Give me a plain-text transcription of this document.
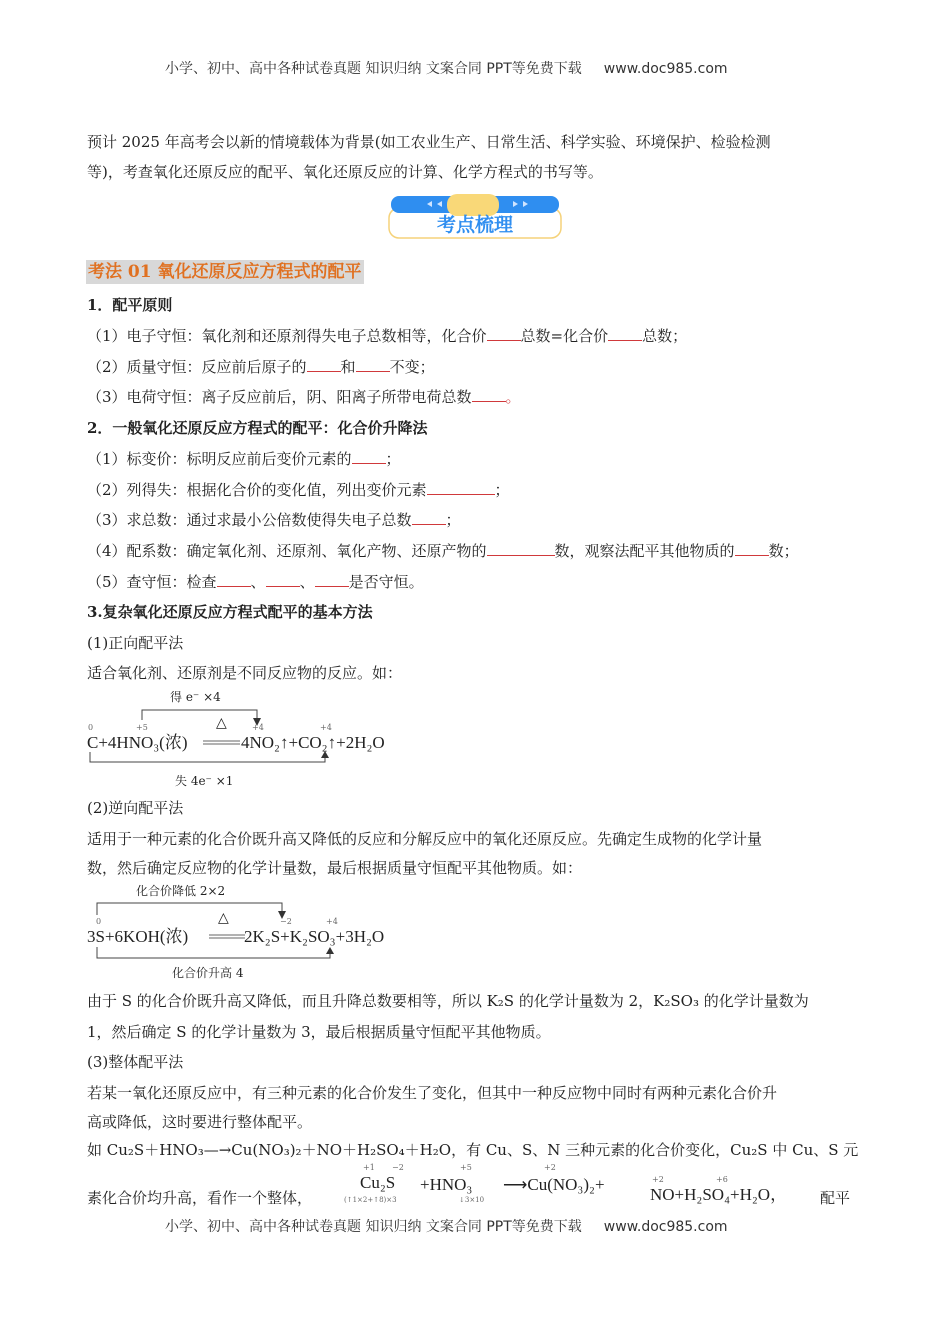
小学、初中、高中各种试卷真题 知识归纳 文案合同 PPT等免费下载 www.doc985.com
预计 2025 年高考会以新的情境载体为背景(如工农业生产、日常生活、科学实验、环境保护、检验检测
等)，考查氧化还原反应的配平、氧化还原反应的计算、化学方程式的书写等。
考点梳理
考法 01 氧化还原反应方程式的配平
1．配平原则
（1）电子守恒：氧化剂和还原剂得失电子总数相等，化合价 总数=化合价 总数；
（2）质量守恒：反应前后原子的 和 不变；
（3）电荷守恒：离子反应前后，阴、阳离子所带电荷总数 。
2．一般氧化还原反应方程式的配平：化合价升降法
（1）标变价：标明反应前后变价元素的 ；
（2）列得失：根据化合价的变化值，列出变价元素	；
（3）求总数：通过求最小公倍数使得失电子总数 ；
（4）配系数：确定氧化剂、还原剂、氧化产物、还原产物的	数，观察法配平其他物质的 数；
（5）查守恒：检查 、 、 是否守恒。
3.复杂氧化还原反应方程式配平的基本方法
(1)正向配平法
适合氧化剂、还原剂是不同反应物的反应。如：
得 e⁻ ×4
失 4e⁻ ×1
0	+5	+4	+4
C+4HNO₃(浓)
△
4NO₂↑+CO₂↑+2H₂O
(2)逆向配平法
适用于一种元素的化合价既升高又降低的反应和分解反应中的氧化还原反应。先确定生成物的化学计量
数，然后确定反应物的化学计量数，最后根据质量守恒配平其他物质。如：
化合价降低 2×2
化合价升高 4
0	−2	+4
3S+6KOH(浓)
△
2K₂S+K₂SO₃+3H₂O
由于 S 的化合价既升高又降低，而且升降总数要相等，所以 K₂S 的化学计量数为 2，K₂SO₃ 的化学计量数为
1，然后确定 S 的化学计量数为 3，最后根据质量守恒配平其他物质。
(3)整体配平法
若某一氧化还原反应中，有三种元素的化合价发生了变化，但其中一种反应物中同时有两种元素化合价升
高或降低，这时要进行整体配平。
如 Cu₂S＋HNO₃—→Cu(NO₃)₂＋NO＋H₂SO₄＋H₂O，有 Cu、S、N 三种元素的化合价变化，Cu₂S 中 Cu、S 元
素化合价均升高，看作一个整体，
+1 −2	+5	+2
+2	+6
Cu₂S
(↑1×2+↑8)×3
+HNO₃
↓3×10
⟶Cu(NO₃)₂+
NO+H₂SO₄+H₂O， 配平
小学、初中、高中各种试卷真题 知识归纳 文案合同 PPT等免费下载 www.doc985.com
